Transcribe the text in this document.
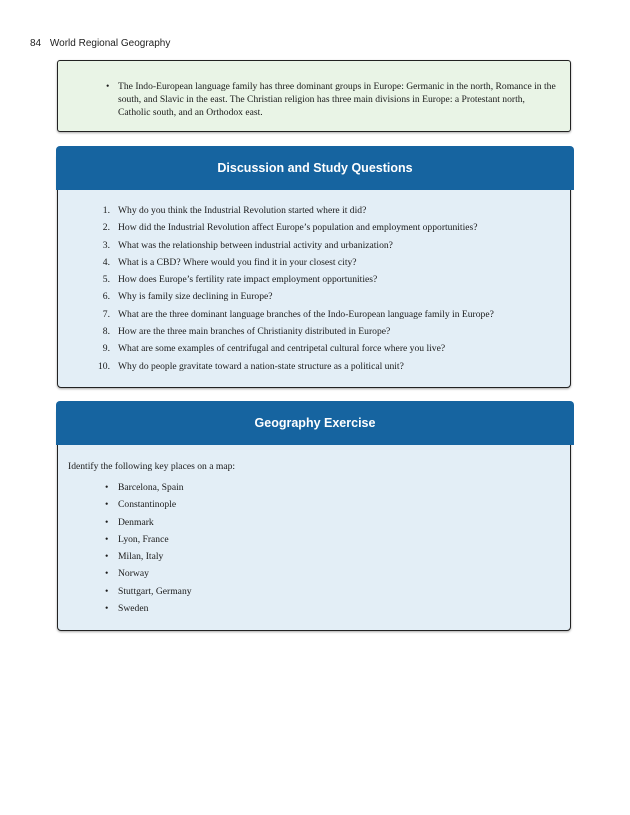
84 World Regional Geography
• The Indo-European language family has three dominant groups in Europe: Germanic in the north, Romance in the south, and Slavic in the east. The Christian religion has three main divisions in Europe: a Protestant north, Catholic south, and an Orthodox east.
Discussion and Study Questions
1. Why do you think the Industrial Revolution started where it did?
2. How did the Industrial Revolution affect Europe’s population and employment opportunities?
3. What was the relationship between industrial activity and urbanization?
4. What is a CBD? Where would you find it in your closest city?
5. How does Europe’s fertility rate impact employment opportunities?
6. Why is family size declining in Europe?
7. What are the three dominant language branches of the Indo-European language family in Europe?
8. How are the three main branches of Christianity distributed in Europe?
9. What are some examples of centrifugal and centripetal cultural force where you live?
10. Why do people gravitate toward a nation-state structure as a political unit?
Geography Exercise
Identify the following key places on a map:
• Barcelona, Spain
• Constantinople
• Denmark
• Lyon, France
• Milan, Italy
• Norway
• Stuttgart, Germany
• Sweden
